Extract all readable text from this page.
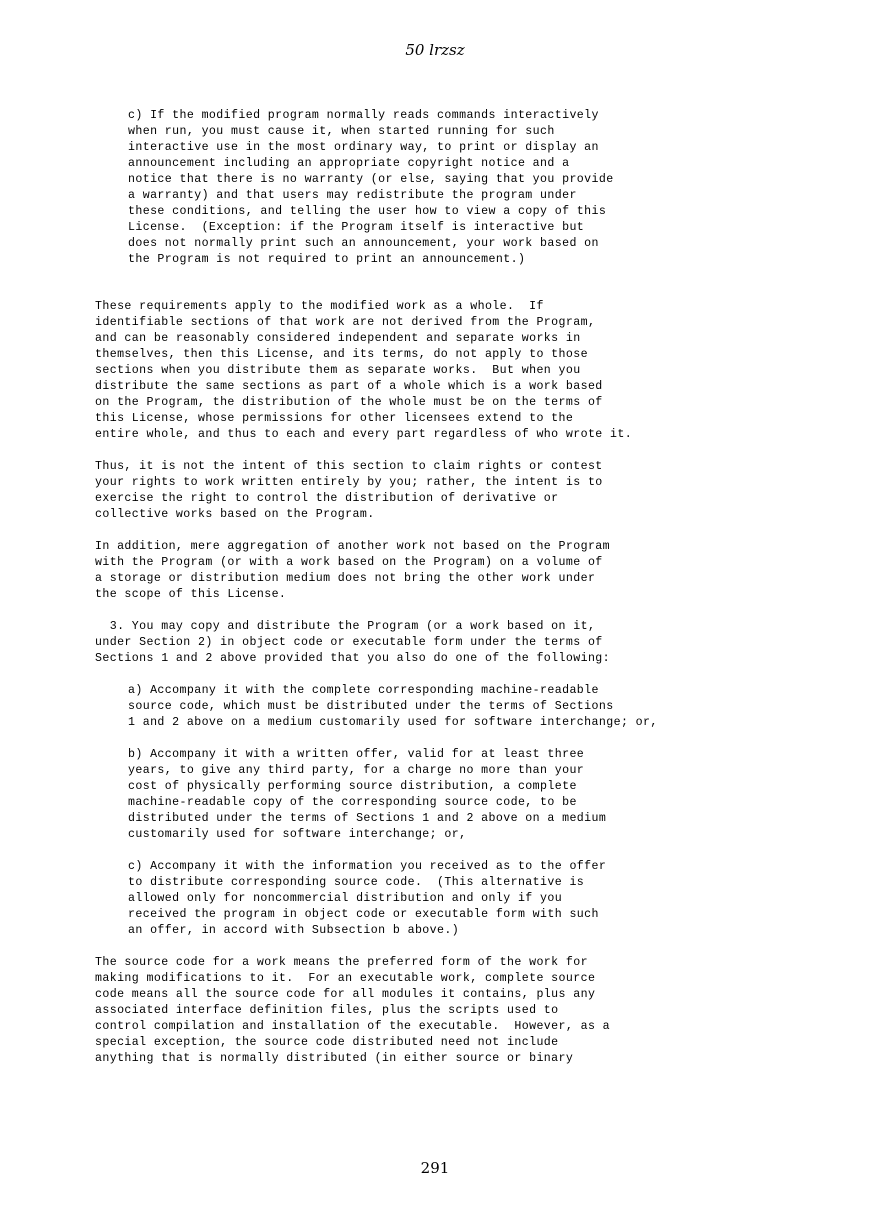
50 lrzsz
c) If the modified program normally reads commands interactively
when run, you must cause it, when started running for such
interactive use in the most ordinary way, to print or display an
announcement including an appropriate copyright notice and a
notice that there is no warranty (or else, saying that you provide
a warranty) and that users may redistribute the program under
these conditions, and telling the user how to view a copy of this
License.  (Exception: if the Program itself is interactive but
does not normally print such an announcement, your work based on
the Program is not required to print an announcement.)
These requirements apply to the modified work as a whole.  If
identifiable sections of that work are not derived from the Program,
and can be reasonably considered independent and separate works in
themselves, then this License, and its terms, do not apply to those
sections when you distribute them as separate works.  But when you
distribute the same sections as part of a whole which is a work based
on the Program, the distribution of the whole must be on the terms of
this License, whose permissions for other licensees extend to the
entire whole, and thus to each and every part regardless of who wrote it.
Thus, it is not the intent of this section to claim rights or contest
your rights to work written entirely by you; rather, the intent is to
exercise the right to control the distribution of derivative or
collective works based on the Program.
In addition, mere aggregation of another work not based on the Program
with the Program (or with a work based on the Program) on a volume of
a storage or distribution medium does not bring the other work under
the scope of this License.
3. You may copy and distribute the Program (or a work based on it,
under Section 2) in object code or executable form under the terms of
Sections 1 and 2 above provided that you also do one of the following:
a) Accompany it with the complete corresponding machine-readable
source code, which must be distributed under the terms of Sections
1 and 2 above on a medium customarily used for software interchange; or,
b) Accompany it with a written offer, valid for at least three
years, to give any third party, for a charge no more than your
cost of physically performing source distribution, a complete
machine-readable copy of the corresponding source code, to be
distributed under the terms of Sections 1 and 2 above on a medium
customarily used for software interchange; or,
c) Accompany it with the information you received as to the offer
to distribute corresponding source code.  (This alternative is
allowed only for noncommercial distribution and only if you
received the program in object code or executable form with such
an offer, in accord with Subsection b above.)
The source code for a work means the preferred form of the work for
making modifications to it.  For an executable work, complete source
code means all the source code for all modules it contains, plus any
associated interface definition files, plus the scripts used to
control compilation and installation of the executable.  However, as a
special exception, the source code distributed need not include
anything that is normally distributed (in either source or binary
291
